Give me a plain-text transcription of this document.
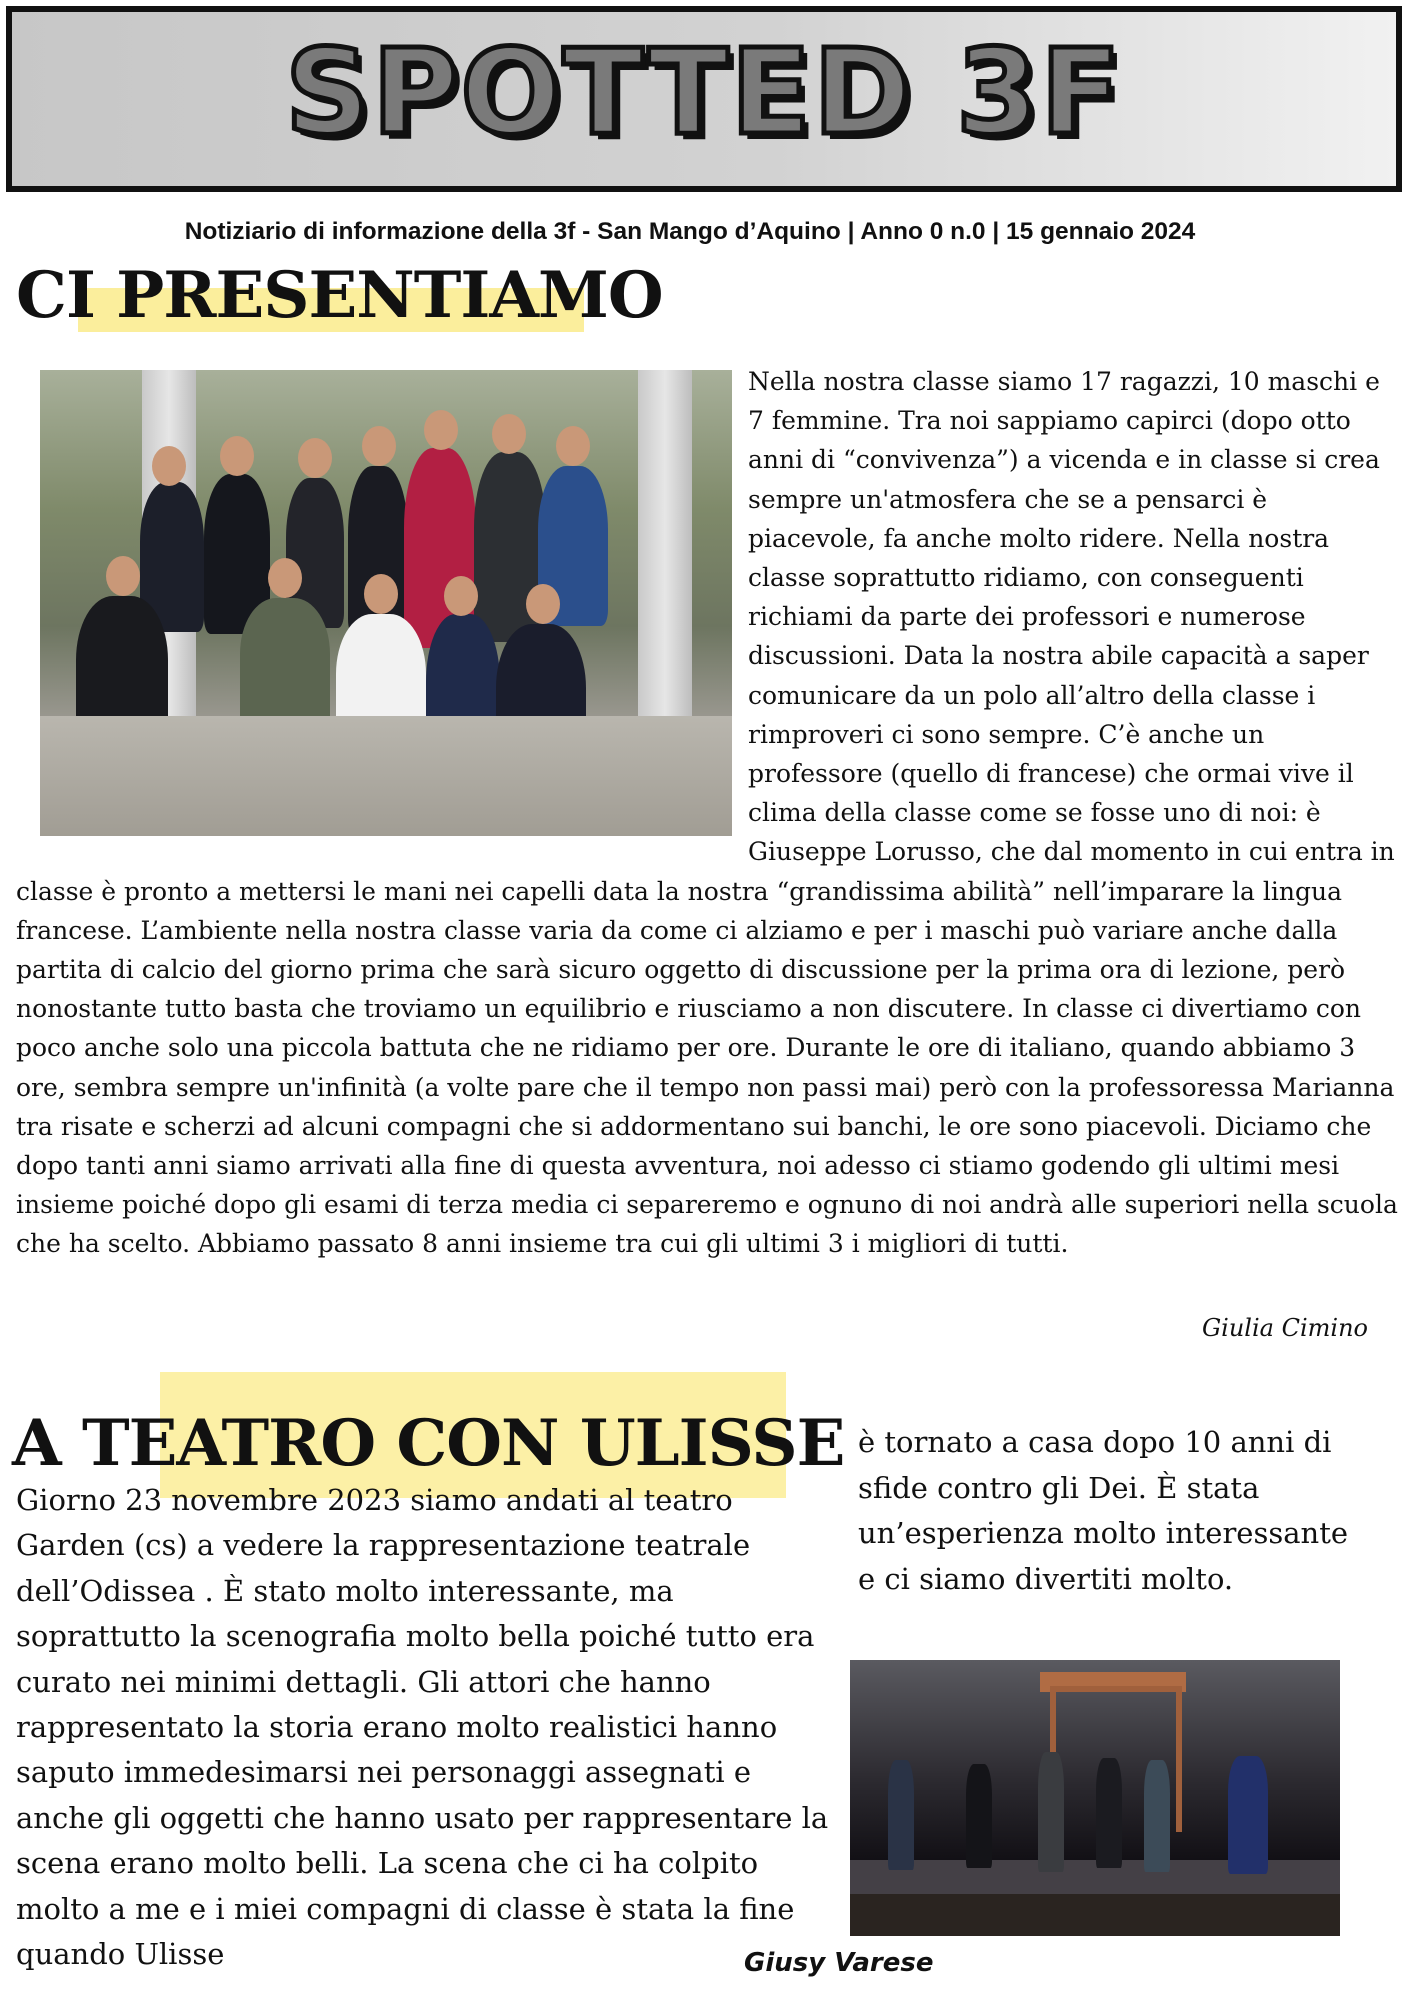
SPOTTED 3F
Notiziario di informazione della 3f - San Mango d’Aquino | Anno 0 n.0 | 15 gennaio 2024
CI PRESENTIAMO
Nella nostra classe siamo 17 ragazzi, 10 maschi e 7 femmine. Tra noi sappiamo capirci (dopo otto anni di “convivenza”) a vicenda e in classe si crea sempre un'atmosfera che se a pensarci è piacevole, fa anche molto ridere. Nella nostra classe soprattutto ridiamo, con conseguenti richiami da parte dei professori e numerose discussioni. Data la nostra abile capacità a saper comunicare da un polo all’altro della classe i rimproveri ci sono sempre. C’è anche un professore (quello di francese) che ormai vive il clima della classe come se fosse uno di noi: è Giuseppe Lorusso, che dal momento in cui entra in classe è pronto a mettersi le mani nei capelli data la nostra “grandissima abilità” nell’imparare la lingua francese. L’ambiente nella nostra classe varia da come ci alziamo e per i maschi può variare anche dalla partita di calcio del giorno prima che sarà sicuro oggetto di discussione per la prima ora di lezione, però nonostante tutto basta che troviamo un equilibrio e riusciamo a non discutere. In classe ci divertiamo con poco anche solo una piccola battuta che ne ridiamo per ore. Durante le ore di italiano, quando abbiamo 3 ore, sembra sempre un'infinità (a volte pare che il tempo non passi mai) però con la professoressa Marianna tra risate e scherzi ad alcuni compagni che si addormentano sui banchi, le ore sono piacevoli. Diciamo che dopo tanti anni siamo arrivati alla fine di questa avventura, noi adesso ci stiamo godendo gli ultimi mesi insieme poiché dopo gli esami di terza media ci separeremo e ognuno di noi andrà alle superiori nella scuola che ha scelto. Abbiamo passato 8 anni insieme tra cui gli ultimi 3 i migliori di tutti.
Giulia Cimino
A TEATRO CON ULISSE
Giorno 23 novembre 2023 siamo andati al teatro Garden (cs) a vedere la rappresentazione teatrale dell’Odissea . È stato molto interessante, ma soprattutto la scenografia molto bella poiché tutto era curato nei minimi dettagli. Gli attori che hanno rappresentato la storia erano molto realistici hanno saputo immedesimarsi nei personaggi assegnati e anche gli oggetti che hanno usato per rappresentare la scena erano molto belli. La scena che ci ha colpito molto a me e i miei compagni di classe è stata la fine quando Ulisse
è tornato a casa dopo 10 anni di sfide contro gli Dei. È stata un’esperienza molto interessante e ci siamo divertiti molto.
Giusy Varese
